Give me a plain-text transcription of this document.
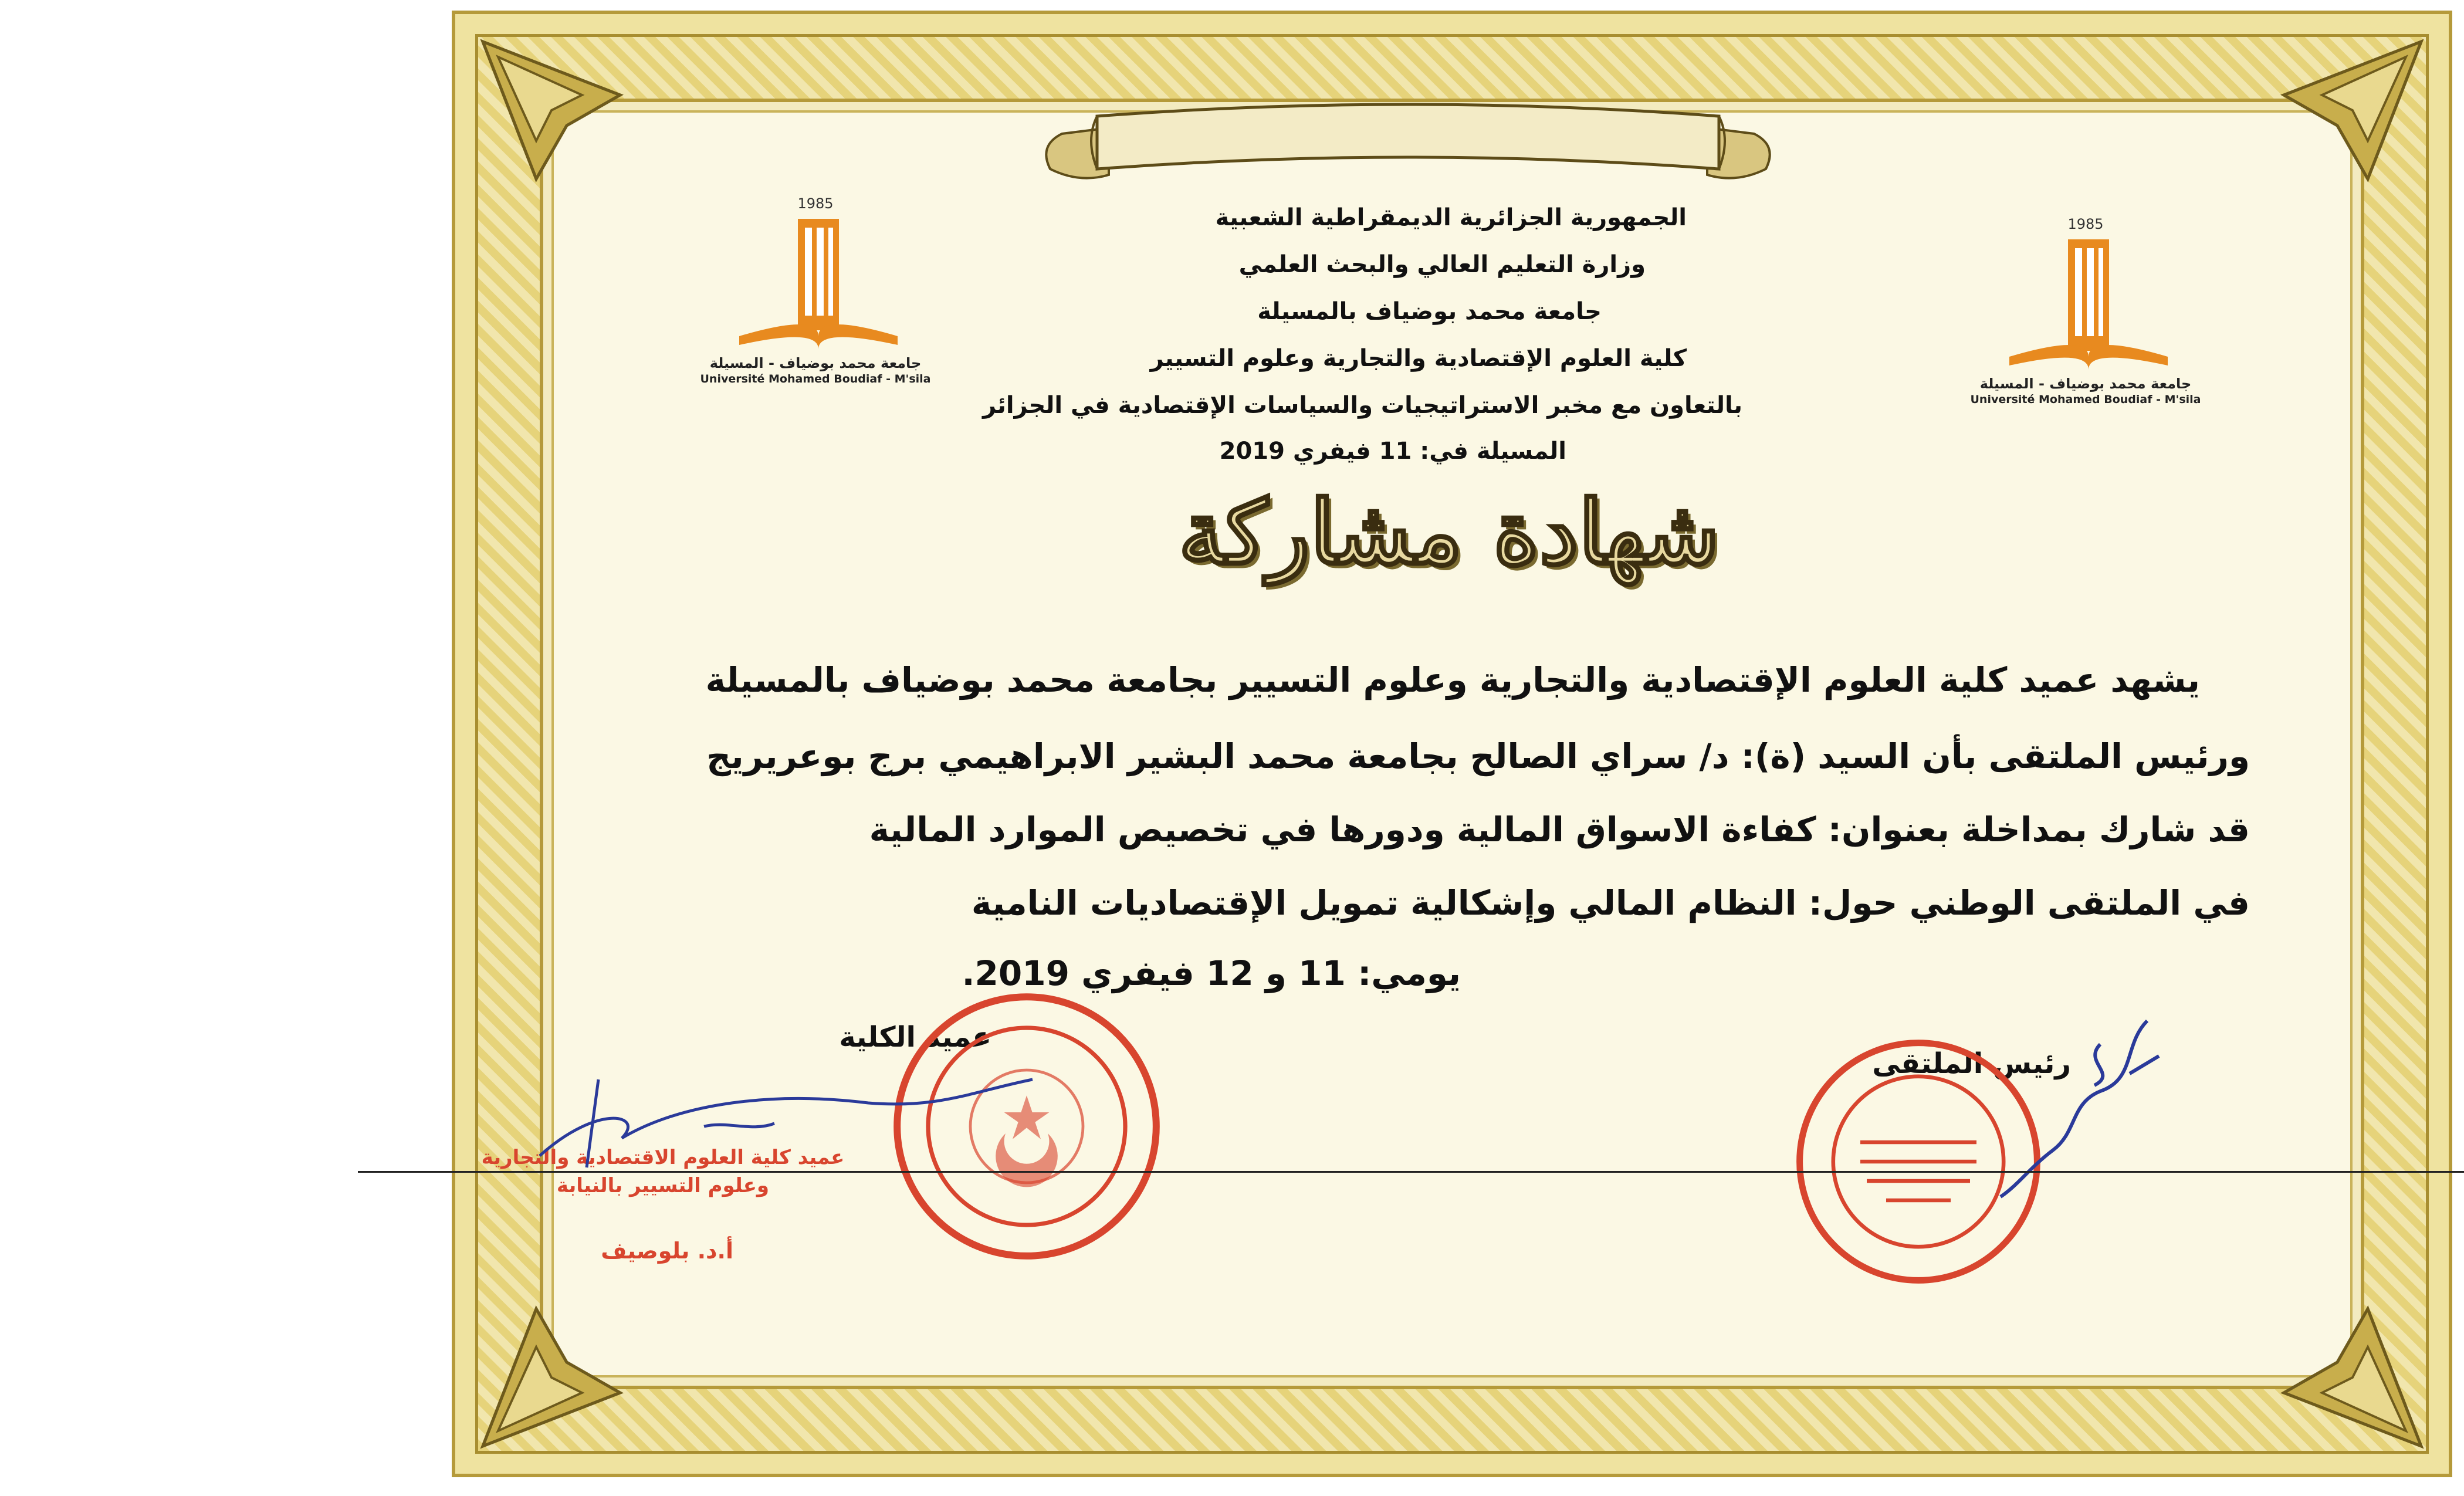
1985
جامعة محمد بوضياف - المسيلة
Université Mohamed Boudiaf - M'sila
1985
جامعة محمد بوضياف - المسيلة
Université Mohamed Boudiaf - M'sila
الجمهورية الجزائرية الديمقراطية الشعبية
وزارة التعليم العالي والبحث العلمي
جامعة محمد بوضياف بالمسيلة
كلية العلوم الإقتصادية والتجارية وعلوم التسيير
بالتعاون مع مخبر الاستراتيجيات والسياسات الإقتصادية في الجزائر
المسيلة في: 11 فيفري 2019
شهادة مشاركة
يشهد عميد كلية العلوم الإقتصادية والتجارية وعلوم التسيير بجامعة محمد بوضياف بالمسيلة
ورئيس الملتقى بأن السيد (ة): د/ سراي الصالح بجامعة محمد البشير الابراهيمي برج بوعريريج
قد شارك بمداخلة بعنوان: كفاءة الاسواق المالية ودورها في تخصيص الموارد المالية
في الملتقى الوطني حول: النظام المالي وإشكالية تمويل الإقتصاديات النامية
يومي: 11 و 12 فيفري 2019.
عميد الكلية
رئيس الملتقى
عميد كلية العلوم الاقتصادية والتجارية وعلوم التسيير بالنيابة
أ.د. بلوصيف
